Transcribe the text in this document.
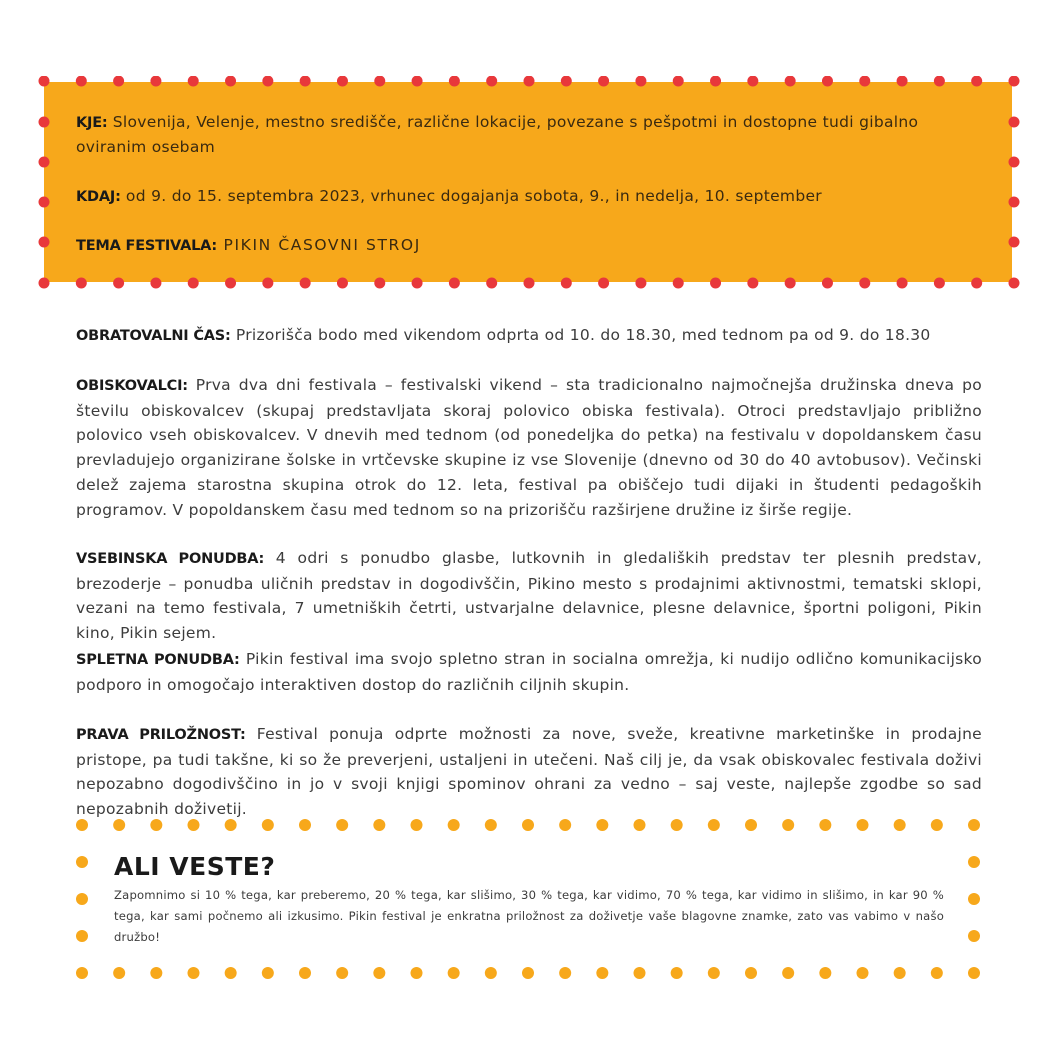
KJE: Slovenija, Velenje, mestno središče, različne lokacije, povezane s pešpotmi in dostopne tudi gibalno oviranim osebam

KDAJ: od 9. do 15. septembra 2023, vrhunec dogajanja sobota, 9., in nedelja, 10. september

TEMA FESTIVALA: PIKIN ČASOVNI STROJ

OBRATOVALNI ČAS: Prizorišča bodo med vikendom odprta od 10. do 18.30, med tednom pa od 9. do 18.30

OBISKOVALCI: Prva dva dni festivala – festivalski vikend – sta tradicionalno najmočnejša družinska dneva po številu obiskovalcev (skupaj predstavljata skoraj polovico obiska festivala). Otroci predstavljajo približno polovico vseh obiskovalcev. V dnevih med tednom (od ponedeljka do petka) na festivalu v dopoldanskem času prevladujejo organizirane šolske in vrtčevske skupine iz vse Slovenije (dnevno od 30 do 40 avtobusov). Večinski delež zajema starostna skupina otrok do 12. leta, festival pa obiščejo tudi dijaki in študenti pedagoških programov. V popoldanskem času med tednom so na prizorišču razširjene družine iz širše regije.

VSEBINSKA PONUDBA: 4 odri s ponudbo glasbe, lutkovnih in gledaliških predstav ter plesnih predstav, brezoderje – ponudba uličnih predstav in dogodivščin, Pikino mesto s prodajnimi aktivnostmi, tematski sklopi, vezani na temo festivala, 7 umetniških četrti, ustvarjalne delavnice, plesne delavnice, športni poligoni, Pikin kino, Pikin sejem.

SPLETNA PONUDBA: Pikin festival ima svojo spletno stran in socialna omrežja, ki nudijo odlično komunikacijsko podporo in omogočajo interaktiven dostop do različnih ciljnih skupin.

PRAVA PRILOŽNOST: Festival ponuja odprte možnosti za nove, sveže, kreativne marketinške in prodajne pristope, pa tudi takšne, ki so že preverjeni, ustaljeni in utečeni. Naš cilj je, da vsak obiskovalec festivala doživi nepozabno dogodivščino in jo v svoji knjigi spominov ohrani za vedno – saj veste, najlepše zgodbe so sad nepozabnih doživetij.

ALI VESTE?

Zapomnimo si 10 % tega, kar preberemo, 20 % tega, kar slišimo, 30 % tega, kar vidimo, 70 % tega, kar vidimo in slišimo, in kar 90 % tega, kar sami počnemo ali izkusimo. Pikin festival je enkratna priložnost za doživetje vaše blagovne znamke, zato vas vabimo v našo družbo!
